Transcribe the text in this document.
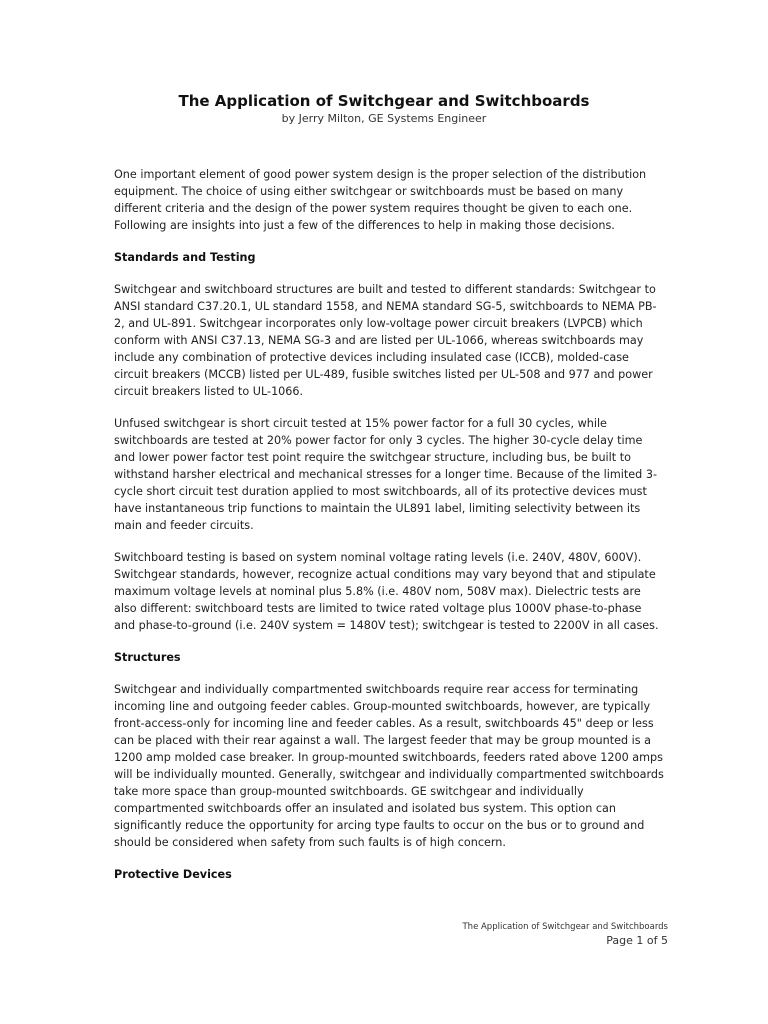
The Application of Switchgear and Switchboards
by Jerry Milton, GE Systems Engineer

One important element of good power system design is the proper selection of the distribution equipment. The choice of using either switchgear or switchboards must be based on many different criteria and the design of the power system requires thought be given to each one. Following are insights into just a few of the differences to help in making those decisions.

Standards and Testing

Switchgear and switchboard structures are built and tested to different standards: Switchgear to ANSI standard C37.20.1, UL standard 1558, and NEMA standard SG-5, switchboards to NEMA PB-2, and UL-891. Switchgear incorporates only low-voltage power circuit breakers (LVPCB) which conform with ANSI C37.13, NEMA SG-3 and are listed per UL-1066, whereas switchboards may include any combination of protective devices including insulated case (ICCB), molded-case circuit breakers (MCCB) listed per UL-489, fusible switches listed per UL-508 and 977 and power circuit breakers listed to UL-1066.

Unfused switchgear is short circuit tested at 15% power factor for a full 30 cycles, while switchboards are tested at 20% power factor for only 3 cycles. The higher 30-cycle delay time and lower power factor test point require the switchgear structure, including bus, be built to withstand harsher electrical and mechanical stresses for a longer time. Because of the limited 3-cycle short circuit test duration applied to most switchboards, all of its protective devices must have instantaneous trip functions to maintain the UL891 label, limiting selectivity between its main and feeder circuits.

Switchboard testing is based on system nominal voltage rating levels (i.e. 240V, 480V, 600V). Switchgear standards, however, recognize actual conditions may vary beyond that and stipulate maximum voltage levels at nominal plus 5.8% (i.e. 480V nom, 508V max). Dielectric tests are also different: switchboard tests are limited to twice rated voltage plus 1000V phase-to-phase and phase-to-ground (i.e. 240V system = 1480V test); switchgear is tested to 2200V in all cases.

Structures

Switchgear and individually compartmented switchboards require rear access for terminating incoming line and outgoing feeder cables. Group-mounted switchboards, however, are typically front-access-only for incoming line and feeder cables. As a result, switchboards 45" deep or less can be placed with their rear against a wall. The largest feeder that may be group mounted is a 1200 amp molded case breaker. In group-mounted switchboards, feeders rated above 1200 amps will be individually mounted. Generally, switchgear and individually compartmented switchboards take more space than group-mounted switchboards. GE switchgear and individually compartmented switchboards offer an insulated and isolated bus system. This option can significantly reduce the opportunity for arcing type faults to occur on the bus or to ground and should be considered when safety from such faults is of high concern.

Protective Devices
The Application of Switchgear and Switchboards
Page 1 of 5
